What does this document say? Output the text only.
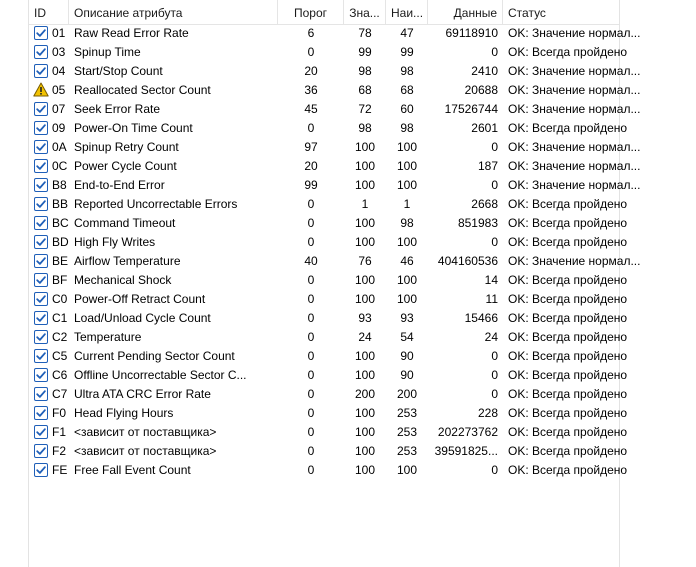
ID	Описание атрибута	Порог	Зна... Наи...	Данные Статус
01 Raw Read Error Rate	6	78	47	69118910 OK: Значение нормал...
03 Spinup Time	0	99	99	0 OK: Всегда пройдено
04 Start/Stop Count	20	98	98	2410 OK: Значение нормал...
05 Reallocated Sector Count	36	68	68	20688 OK: Значение нормал...
07 Seek Error Rate	45	72	60	17526744 OK: Значение нормал...
09 Power-On Time Count	0	98	98	2601 OK: Всегда пройдено
0A Spinup Retry Count	97	100	100	0 OK: Значение нормал...
0C Power Cycle Count	20	100	100	187 OK: Значение нормал...
B8 End-to-End Error	99	100	100	0 OK: Значение нормал...
BB Reported Uncorrectable Errors	0	1	1	2668 OK: Всегда пройдено
BC Command Timeout	0	100	98	851983 OK: Всегда пройдено
BD High Fly Writes	0	100	100	0 OK: Всегда пройдено
BE Airflow Temperature	40	76	46	404160536 OK: Значение нормал...
BF Mechanical Shock	0	100	100	14 OK: Всегда пройдено
C0 Power-Off Retract Count	0	100	100	11 OK: Всегда пройдено
C1 Load/Unload Cycle Count	0	93	93	15466 OK: Всегда пройдено
C2 Temperature	0	24	54	24 OK: Всегда пройдено
C5 Current Pending Sector Count	0	100	90	0 OK: Всегда пройдено
C6 Offline Uncorrectable Sector C...	0	100	90	0 OK: Всегда пройдено
C7 Ultra ATA CRC Error Rate	0	200	200	0 OK: Всегда пройдено
F0 Head Flying Hours	0	100	253	228 OK: Всегда пройдено
F1 <зависит от поставщика>	0	100	253	202273762 OK: Всегда пройдено
F2 <зависит от поставщика>	0	100	253	39591825... OK: Всегда пройдено
FE Free Fall Event Count	0	100	100	0 OK: Всегда пройдено
